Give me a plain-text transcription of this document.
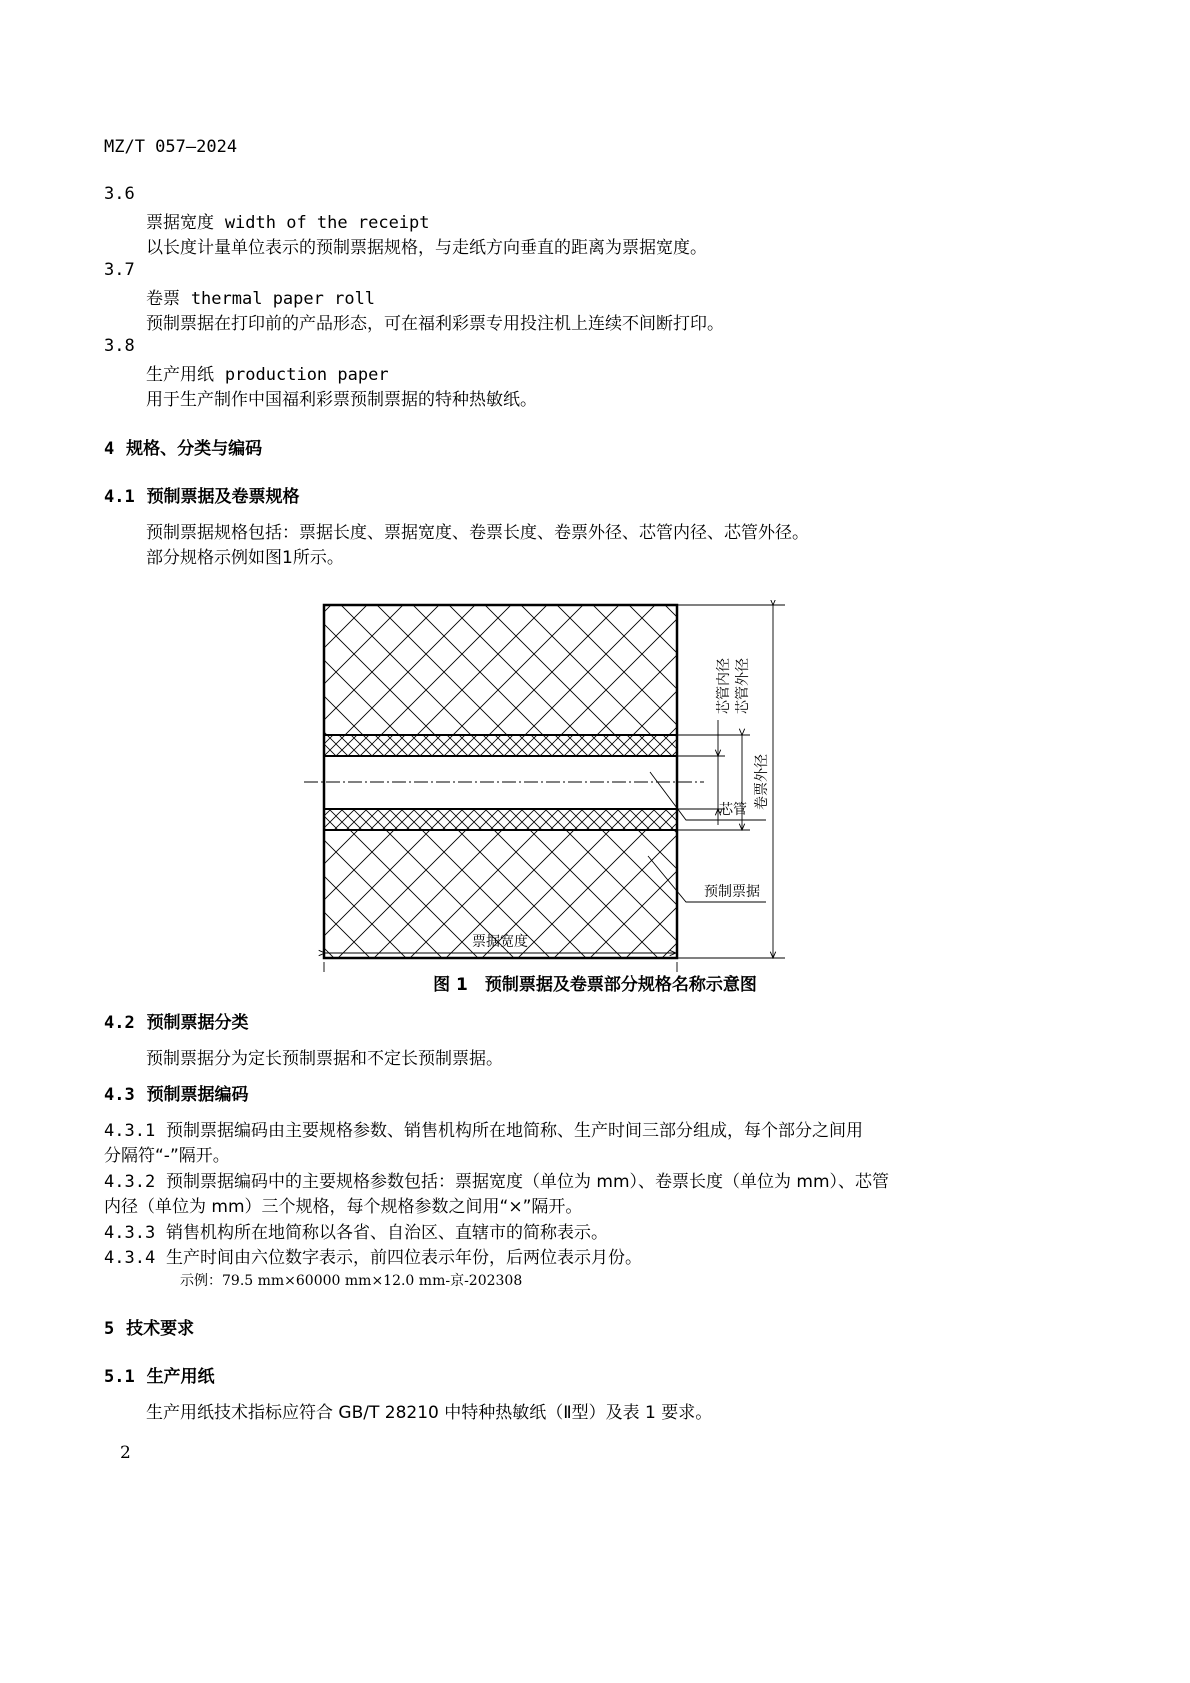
MZ/T 057—2024
3.6
票据宽度 width of the receipt
以长度计量单位表示的预制票据规格，与走纸方向垂直的距离为票据宽度。
3.7
卷票 thermal paper roll
预制票据在打印前的产品形态，可在福利彩票专用投注机上连续不间断打印。
3.8
生产用纸 production paper
用于生产制作中国福利彩票预制票据的特种热敏纸。
4 规格、分类与编码
4.1 预制票据及卷票规格
预制票据规格包括：票据长度、票据宽度、卷票长度、卷票外径、芯管内径、芯管外径。
部分规格示例如图1所示。
芯管内径 芯管外径
卷票外径
芯管
预制票据
票据宽度
图 1　预制票据及卷票部分规格名称示意图
4.2 预制票据分类
预制票据分为定长预制票据和不定长预制票据。
4.3 预制票据编码
4.3.1 预制票据编码由主要规格参数、销售机构所在地简称、生产时间三部分组成，每个部分之间用
分隔符“-”隔开。
4.3.2 预制票据编码中的主要规格参数包括：票据宽度（单位为 mm）、卷票长度（单位为 mm）、芯管
内径（单位为 mm）三个规格，每个规格参数之间用“×”隔开。
4.3.3 销售机构所在地简称以各省、自治区、直辖市的简称表示。
4.3.4 生产时间由六位数字表示，前四位表示年份，后两位表示月份。
示例：79.5 mm×60000 mm×12.0 mm-京-202308
5 技术要求
5.1 生产用纸
生产用纸技术指标应符合 GB/T 28210 中特种热敏纸（Ⅱ型）及表 1 要求。
2
